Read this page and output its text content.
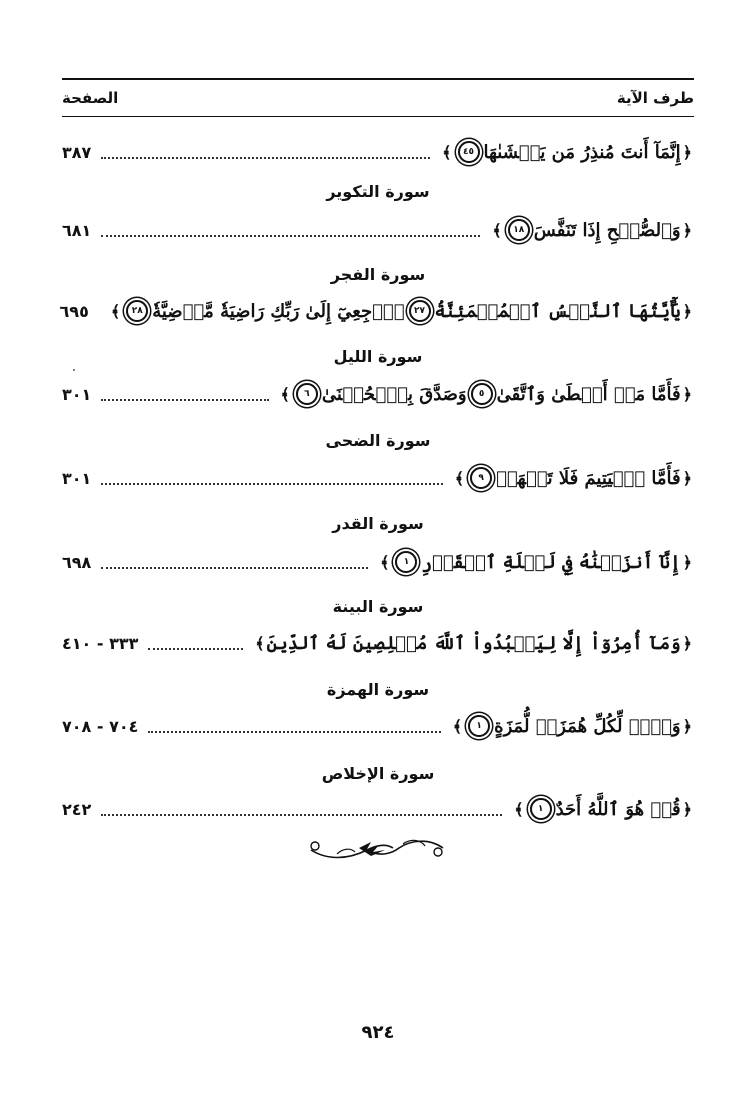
طرف الآية
الصفحة
﴿
إِنَّمَآ أَنتَ مُنذِرُ مَن يَخۡشَىٰهَا
٤٥
﴾
٣٨٧
سورة التكوير
﴿
وَٱلصُّبۡحِ إِذَا تَنَفَّسَ
١٨
﴾
٦٨١
سورة الفجر
﴿
يَٰٓأَيَّتُهَا ٱلنَّفۡسُ ٱلۡمُطۡمَئِنَّةُ
٢٧
ٱرۡجِعِيٓ إِلَىٰ رَبِّكِ رَاضِيَةٗ مَّرۡضِيَّةٗ
٢٨
﴾
٦٩٥
سورة الليل
﴿
فَأَمَّا مَنۡ أَعۡطَىٰ وَٱتَّقَىٰ
٥
وَصَدَّقَ بِٱلۡحُسۡنَىٰ
٦
﴾
٣٠١
سورة الضحى
﴿
فَأَمَّا ٱلۡيَتِيمَ فَلَا تَقۡهَرۡ
٩
﴾
٣٠١
سورة القدر
﴿
إِنَّآ أَنزَلۡنَٰهُ فِي لَيۡلَةِ ٱلۡقَدۡرِ
١
﴾
٦٩٨
سورة البينة
﴿
وَمَآ أُمِرُوٓاْ إِلَّا لِيَعۡبُدُواْ ٱللَّهَ مُخۡلِصِينَ لَهُ ٱلدِّينَ
﴾
٣٣٣ - ٤١٠
سورة الهمزة
﴿
وَيۡلٞ لِّكُلِّ هُمَزَةٖ لُّمَزَةٍ
١
﴾
٧٠٤ - ٧٠٨
سورة الإخلاص
﴿
قُلۡ هُوَ ٱللَّهُ أَحَدٌ
١
﴾
٢٤٢
٩٢٤
